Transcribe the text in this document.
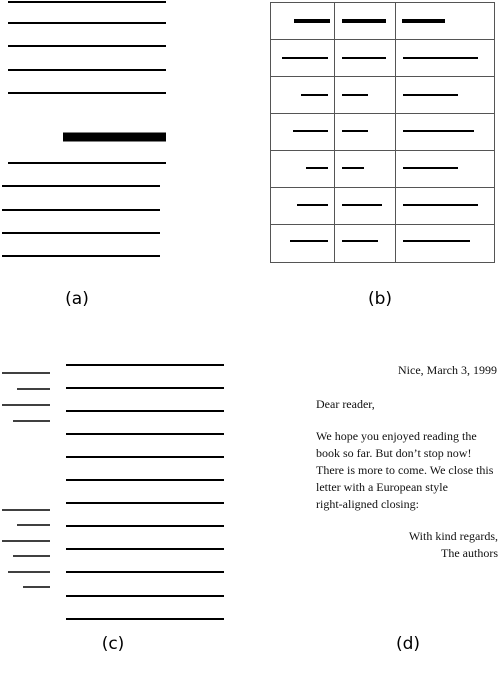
(a)	(b)
(c)	(d)
Nice, March 3, 1999
Dear reader,
We hope you enjoyed reading the
book so far. But don’t stop now!
There is more to come. We close this
letter with a European style
right-aligned closing:
With kind regards,
The authors
